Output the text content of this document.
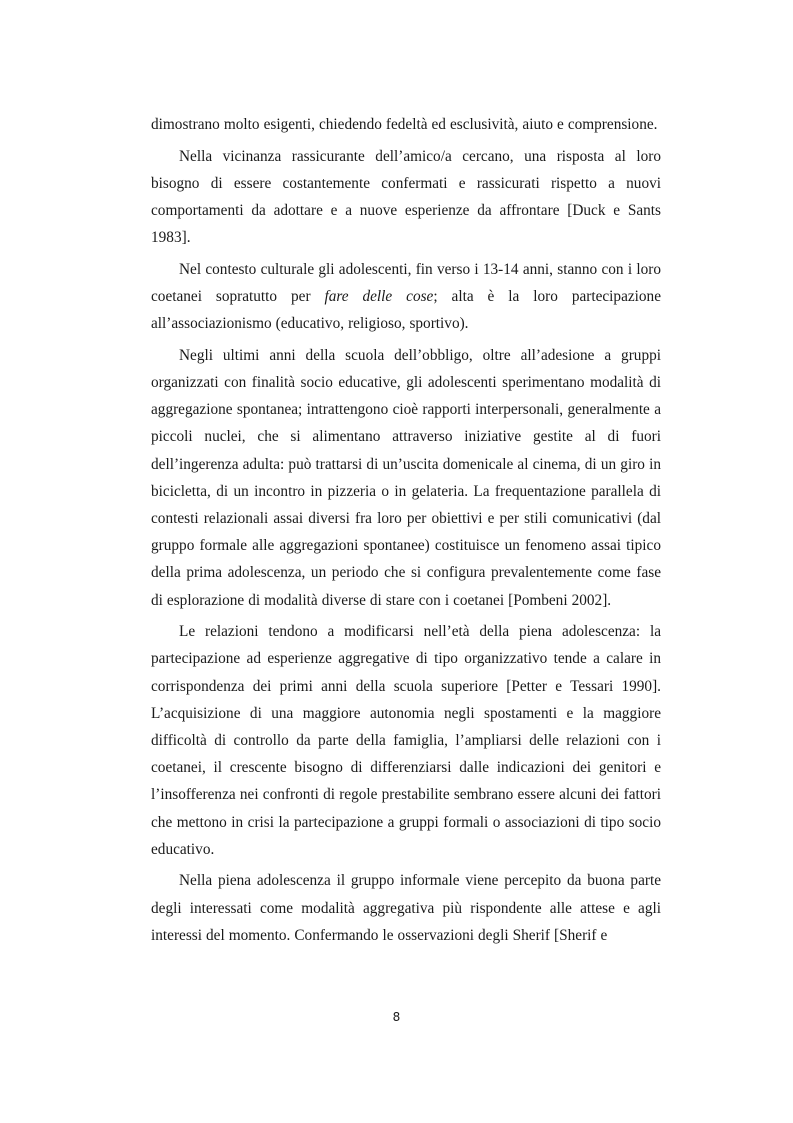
dimostrano molto esigenti, chiedendo fedeltà ed esclusività, aiuto e comprensione.

Nella vicinanza rassicurante dell’amico/a cercano, una risposta al loro bisogno di essere costantemente confermati e rassicurati rispetto a nuovi comportamenti da adottare e a nuove esperienze da affrontare [Duck e Sants 1983].

Nel contesto culturale gli adolescenti, fin verso i 13-14 anni, stanno con i loro coetanei sopratutto per fare delle cose; alta è la loro partecipazione all’associazionismo (educativo, religioso, sportivo).

Negli ultimi anni della scuola dell’obbligo, oltre all’adesione a gruppi organizzati con finalità socio educative, gli adolescenti sperimentano modalità di aggregazione spontanea; intrattengono cioè rapporti interpersonali, generalmente a piccoli nuclei, che si alimentano attraverso iniziative gestite al di fuori dell’ingerenza adulta: può trattarsi di un’uscita domenicale al cinema, di un giro in bicicletta, di un incontro in pizzeria o in gelateria. La frequentazione parallela di contesti relazionali assai diversi fra loro per obiettivi e per stili comunicativi (dal gruppo formale alle aggregazioni spontanee) costituisce un fenomeno assai tipico della prima adolescenza, un periodo che si configura prevalentemente come fase di esplorazione di modalità diverse di stare con i coetanei [Pombeni 2002].

Le relazioni tendono a modificarsi nell’età della piena adolescenza: la partecipazione ad esperienze aggregative di tipo organizzativo tende a calare in corrispondenza dei primi anni della scuola superiore [Petter e Tessari 1990]. L’acquisizione di una maggiore autonomia negli spostamenti e la maggiore difficoltà di controllo da parte della famiglia, l’ampliarsi delle relazioni con i coetanei, il crescente bisogno di differenziarsi dalle indicazioni dei genitori e l’insofferenza nei confronti di regole prestabilite sembrano essere alcuni dei fattori che mettono in crisi la partecipazione a gruppi formali o associazioni di tipo socio educativo.

Nella piena adolescenza il gruppo informale viene percepito da buona parte degli interessati come modalità aggregativa più rispondente alle attese e agli interessi del momento. Confermando le osservazioni degli Sherif [Sherif e

8
